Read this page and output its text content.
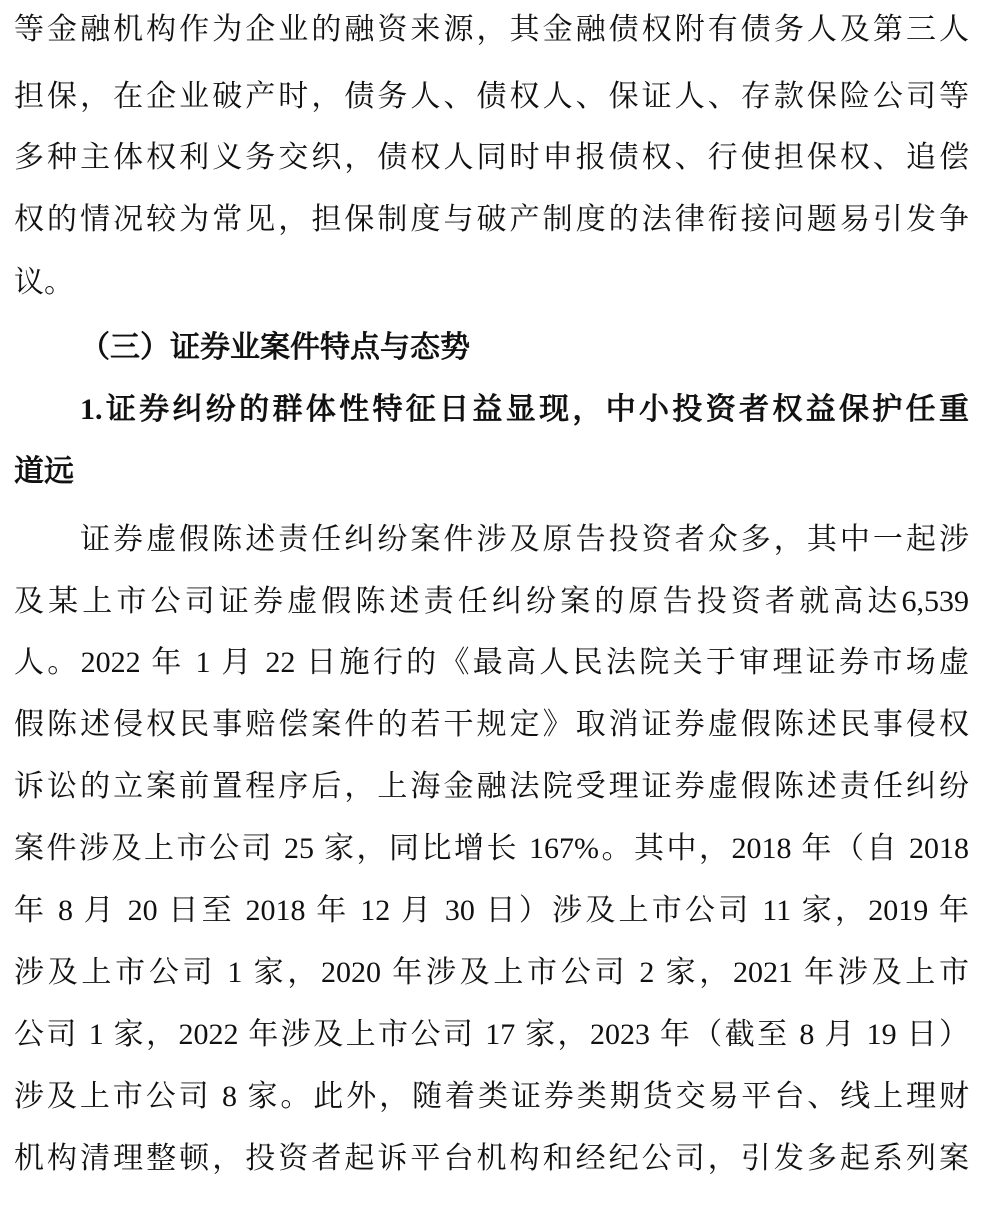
等金融机构作为企业的融资来源，其金融债权附有债务人及第三人
担保，在企业破产时，债务人、债权人、保证人、存款保险公司等
多种主体权利义务交织，债权人同时申报债权、行使担保权、追偿
权的情况较为常见，担保制度与破产制度的法律衔接问题易引发争
议。
（三）证券业案件特点与态势
1.证券纠纷的群体性特征日益显现，中小投资者权益保护任重
道远
证券虚假陈述责任纠纷案件涉及原告投资者众多，其中一起涉
及某上市公司证券虚假陈述责任纠纷案的原告投资者就高达6,539
人。2022 年 1 月 22 日施行的《最高人民法院关于审理证券市场虚
假陈述侵权民事赔偿案件的若干规定》取消证券虚假陈述民事侵权
诉讼的立案前置程序后，上海金融法院受理证券虚假陈述责任纠纷
案件涉及上市公司 25 家，同比增长 167%。其中，2018 年（自 2018
年 8 月 20 日至 2018 年 12 月 30 日）涉及上市公司 11 家，2019 年
涉及上市公司 1 家，2020 年涉及上市公司 2 家，2021 年涉及上市
公司 1 家，2022 年涉及上市公司 17 家，2023 年（截至 8 月 19 日）
涉及上市公司 8 家。此外，随着类证券类期货交易平台、线上理财
机构清理整顿，投资者起诉平台机构和经纪公司，引发多起系列案
